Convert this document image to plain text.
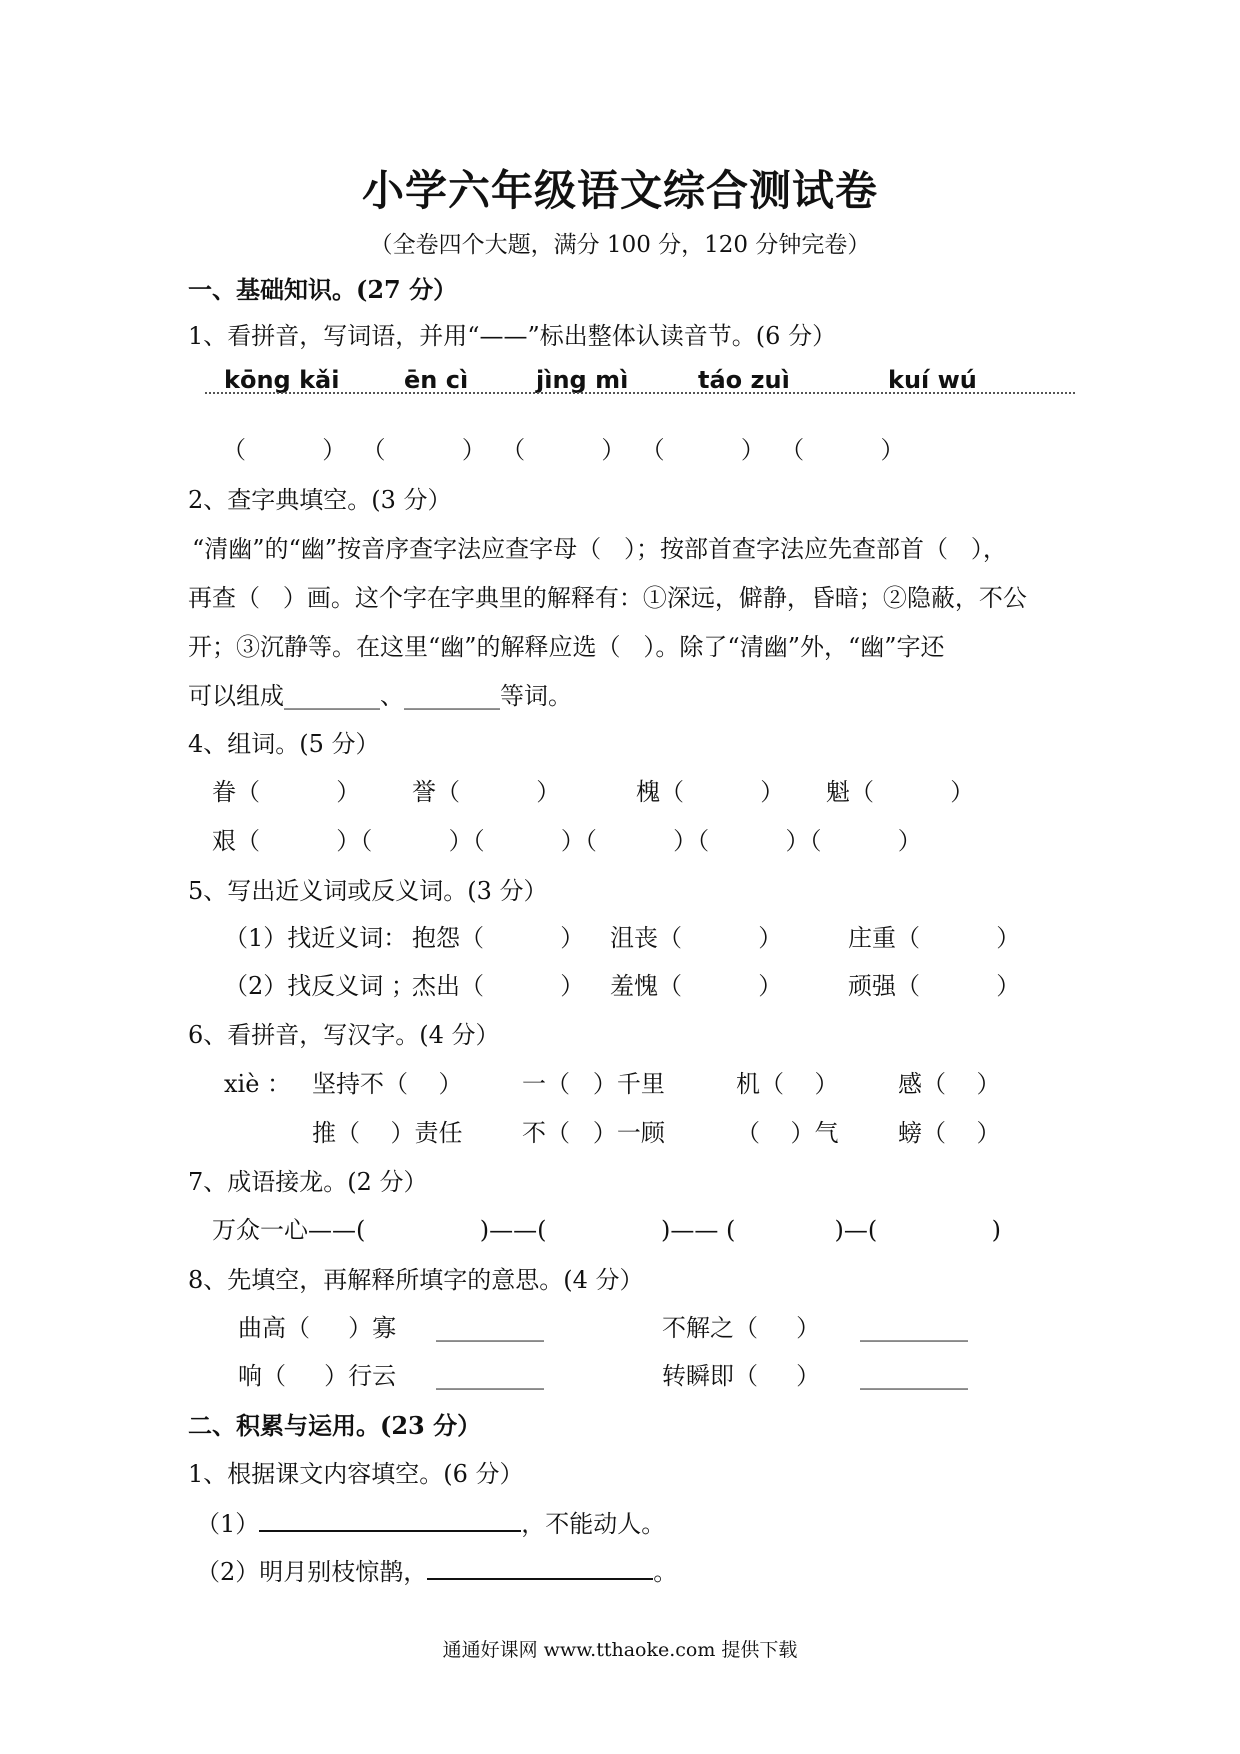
小学六年级语文综合测试卷
（全卷四个大题，满分 100 分，120 分钟完卷）
一、基础知识。(27 分）
1、看拼音，写词语，并用“——”标出整体认读音节。(6 分）
kōng kǎi	ēn cì	jìng mì	táo zuì	kuí wú
（          ）  （          ）  （          ）  （          ）  （          ）
2、查字典填空。(3 分）
“清幽”的“幽”按音序查字法应查字母（   ）；按部首查字法应先查部首（   ），
再查（   ）画。这个字在字典里的解释有：①深远，僻静，昏暗；②隐蔽，不公
开；③沉静等。在这里“幽”的解释应选（   ）。除了“清幽”外，“幽”字还
可以组成________、________等词。
4、组词。(5 分）
眷（          ） 誉（          ）	槐（          ） 魁（          ）
艰（          ）（          ）（          ）（          ）（          ）（          ）
5、写出近义词或反义词。(3 分）
（1）找近义词： 抱怨（          ） 沮丧（          ）	庄重（          ）
（2）找反义词 ；
杰出（          ） 羞愧（          ）	顽强（          ）
6、看拼音，写汉字。(4 分）
xiè ： 坚持不（    ） 一（   ）千里	机（    ） 感（    ）
推（    ）责任 不（   ）一顾	（    ）气 螃（    ）
7、成语接龙。(2 分）
万众一心——(               )——(               )—— (             )—(               )
8、先填空，再解释所填字的意思。(4 分）
曲高（     ）寡 _________	不解之（     ） _________
响（     ）行云 _________	转瞬即（     ） _________
二、积累与运用。(23 分）
1、根据课文内容填空。(6 分）
（1）	，不能动人。
（2）明月别枝惊鹊，	。
通通好课网 www.tthaoke.com 提供下载
